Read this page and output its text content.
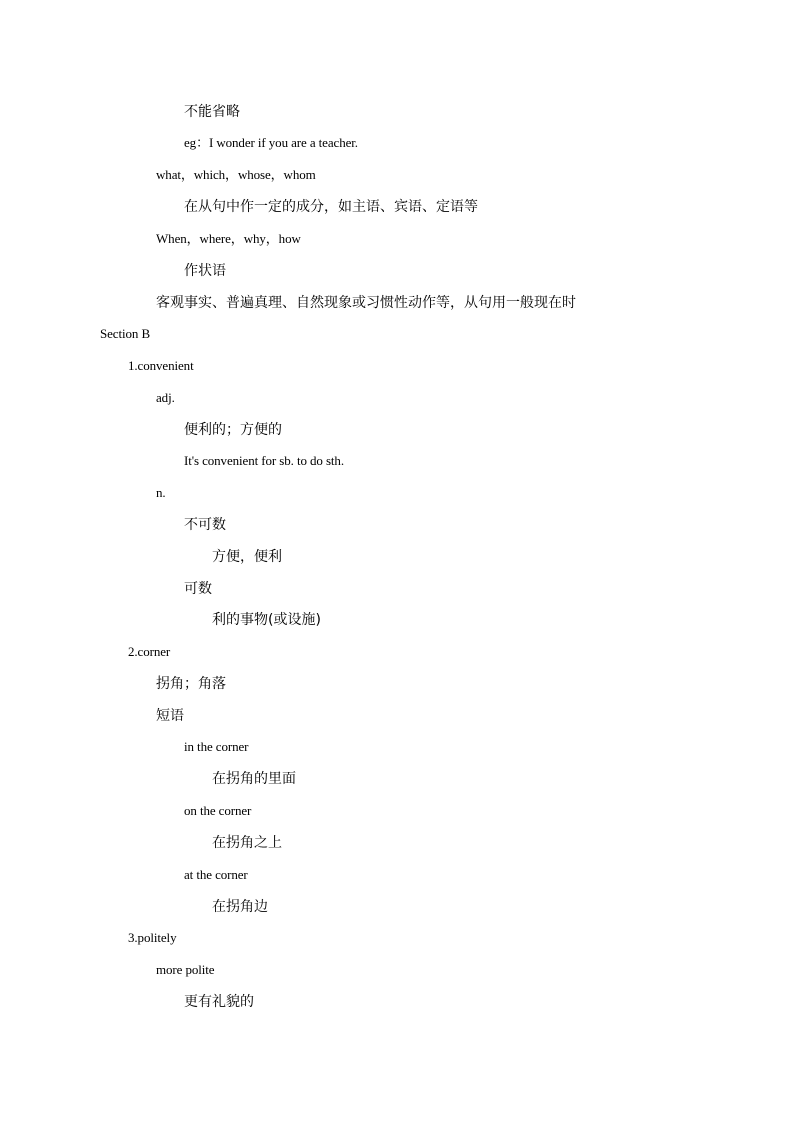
不能省略
eg：I wonder if you are a teacher.
what，which，whose，whom
在从句中作一定的成分，如主语、宾语、定语等
When，where，why，how
作状语
客观事实、普遍真理、自然现象或习惯性动作等，从句用一般现在时
Section B
1.convenient
adj.
便利的；方便的
It's convenient for sb. to do sth.
n.
不可数
方便，便利
可数
利的事物(或设施)
2.corner
拐角；角落
短语
in the corner
在拐角的里面
on the corner
在拐角之上
at the corner
在拐角边
3.politely
more polite
更有礼貌的
